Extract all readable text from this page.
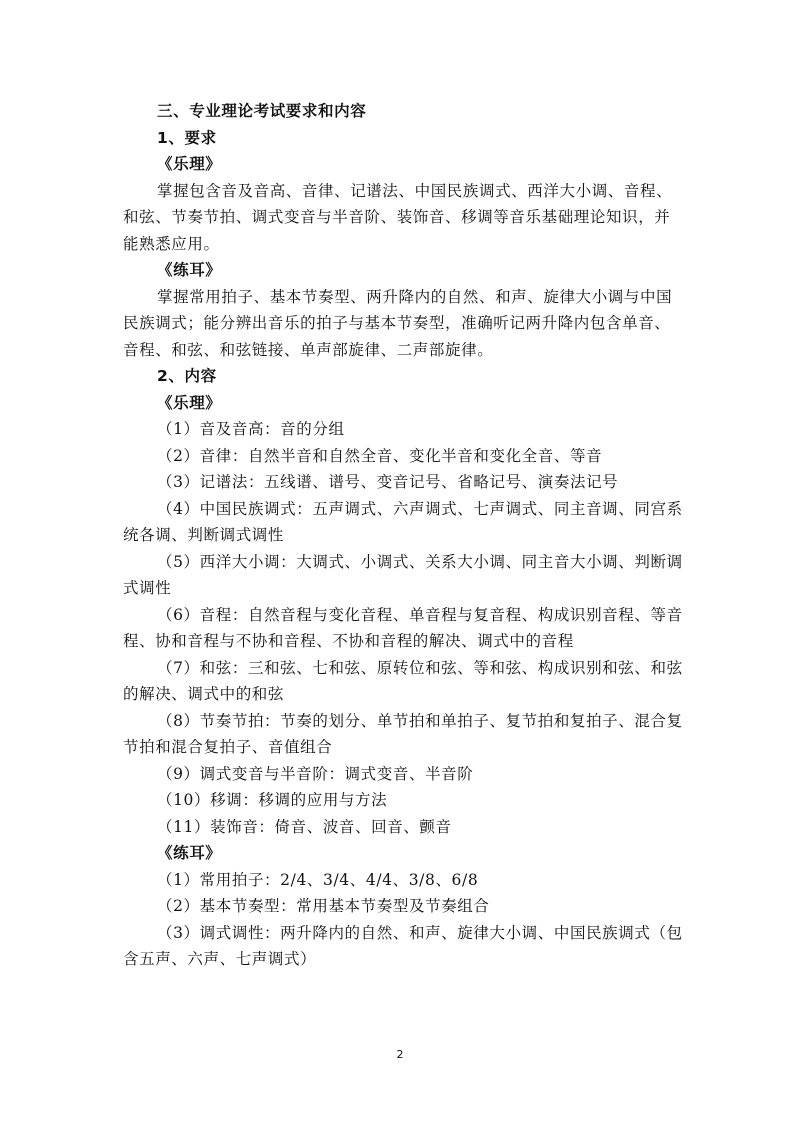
三、专业理论考试要求和内容

1、要求

《乐理》

掌握包含音及音高、音律、记谱法、中国民族调式、西洋大小调、音程、和弦、节奏节拍、调式变音与半音阶、装饰音、移调等音乐基础理论知识，并能熟悉应用。

《练耳》

掌握常用拍子、基本节奏型、两升降内的自然、和声、旋律大小调与中国民族调式；能分辨出音乐的拍子与基本节奏型，准确听记两升降内包含单音、音程、和弦、和弦链接、单声部旋律、二声部旋律。

2、内容

《乐理》

（1）音及音高：音的分组

（2）音律：自然半音和自然全音、变化半音和变化全音、等音

（3）记谱法：五线谱、谱号、变音记号、省略记号、演奏法记号

（4）中国民族调式：五声调式、六声调式、七声调式、同主音调、同宫系统各调、判断调式调性

（5）西洋大小调：大调式、小调式、关系大小调、同主音大小调、判断调式调性

（6）音程：自然音程与变化音程、单音程与复音程、构成识别音程、等音程、协和音程与不协和音程、不协和音程的解决、调式中的音程

（7）和弦：三和弦、七和弦、原转位和弦、等和弦、构成识别和弦、和弦的解决、调式中的和弦

（8）节奏节拍：节奏的划分、单节拍和单拍子、复节拍和复拍子、混合复节拍和混合复拍子、音值组合

（9）调式变音与半音阶：调式变音、半音阶

（10）移调：移调的应用与方法

（11）装饰音：倚音、波音、回音、颤音

《练耳》

（1）常用拍子：2/4、3/4、4/4、3/8、6/8

（2）基本节奏型：常用基本节奏型及节奏组合

（3）调式调性：两升降内的自然、和声、旋律大小调、中国民族调式（包含五声、六声、七声调式）

2
